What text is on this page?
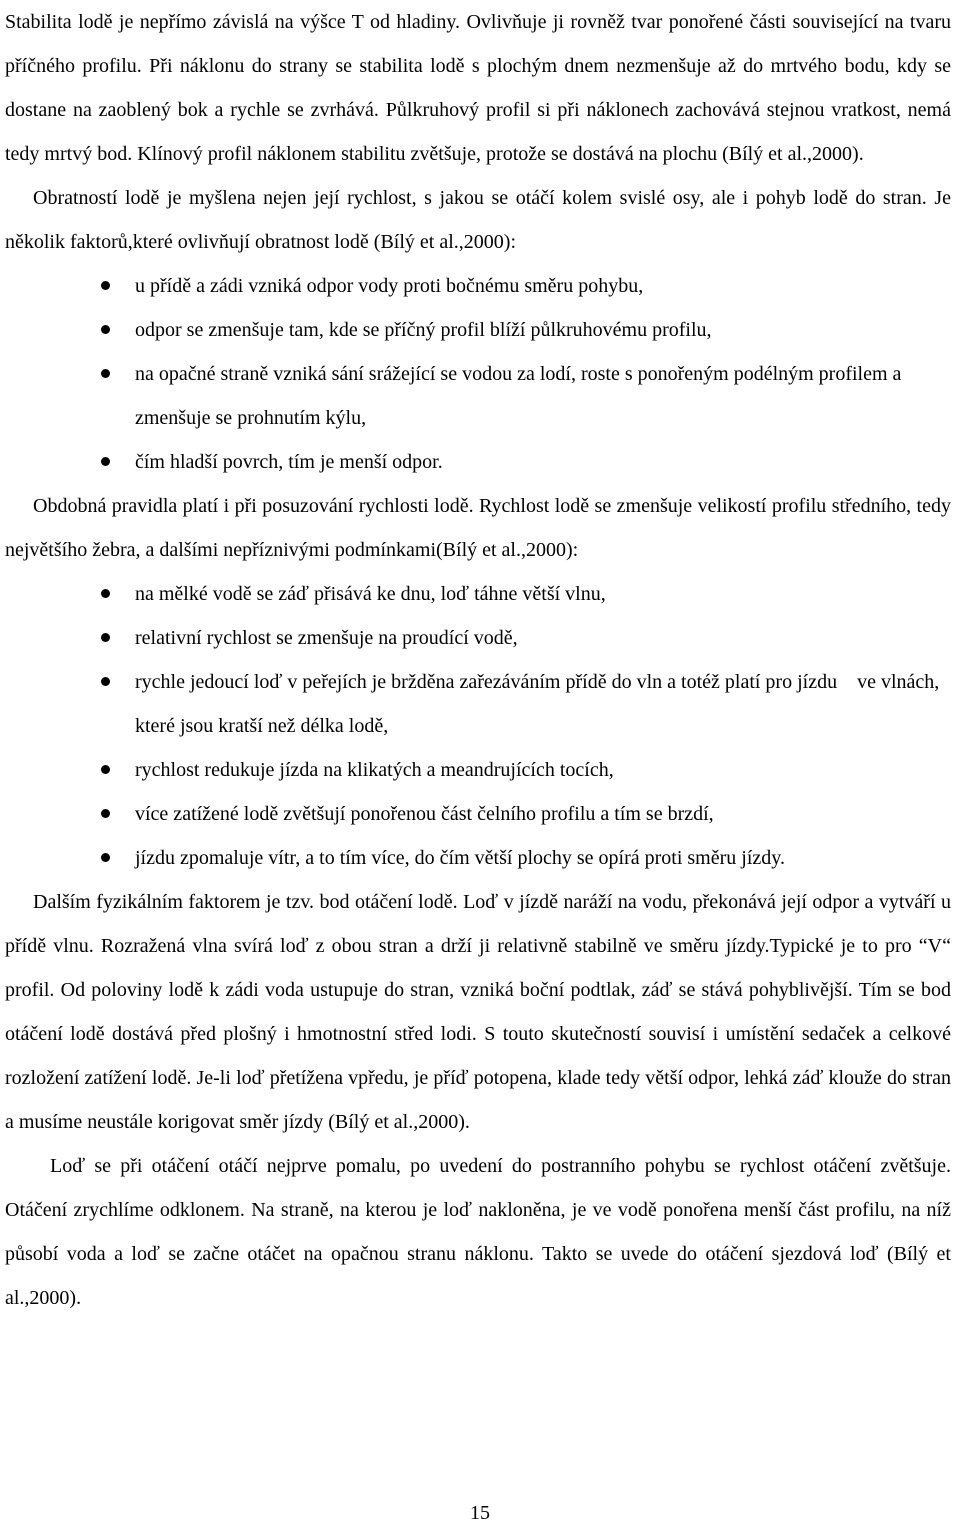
Stabilita lodě je nepřímo závislá na výšce T od hladiny. Ovlivňuje ji rovněž tvar ponořené části související na tvaru příčného profilu. Při náklonu do strany se stabilita lodě s plochým dnem nezmenšuje až do mrtvého bodu, kdy se dostane na zaoblený bok a rychle se zvrhává. Půlkruhový profil si při náklonech zachovává stejnou vratkost, nemá tedy mrtvý bod. Klínový profil náklonem stabilitu zvětšuje, protože se dostává na plochu (Bílý et al.,2000).

Obratností lodě je myšlena nejen její rychlost, s jakou se otáčí kolem svislé osy, ale i pohyb lodě do stran. Je několik faktorů,které ovlivňují obratnost lodě (Bílý et al.,2000):

u přídě a zádi vzniká odpor vody proti bočnému směru pohybu,
odpor se zmenšuje tam, kde se příčný profil blíží půlkruhovému profilu,
na opačné straně vzniká sání srážející se vodou za lodí, roste s ponořeným podélným profilem a zmenšuje se prohnutím kýlu,
čím hladší povrch, tím je menší odpor.

Obdobná pravidla platí i při posuzování rychlosti lodě. Rychlost lodě se zmenšuje velikostí profilu středního, tedy největšího žebra, a dalšími nepříznivými podmínkami(Bílý et al.,2000):

na mělké vodě se záď přisává ke dnu, loď táhne větší vlnu,
relativní rychlost se zmenšuje na proudící vodě,
rychle jedoucí loď v peřejích je bržděna zařezáváním přídě do vln a totéž platí pro jízdu    ve vlnách, které jsou kratší než délka lodě,
rychlost redukuje jízda na klikatých a meandrujících tocích,
více zatížené lodě zvětšují ponořenou část čelního profilu a tím se brzdí,
jízdu zpomaluje vítr, a to tím více, do čím větší plochy se opírá proti směru jízdy.

Dalším fyzikálním faktorem je tzv. bod otáčení lodě. Loď v jízdě naráží na vodu, překonává její odpor a vytváří u přídě vlnu. Rozražená vlna svírá loď z obou stran a drží ji relativně stabilně ve směru jízdy.Typické je to pro “V“ profil. Od poloviny lodě k zádi voda ustupuje do stran, vzniká boční podtlak, záď se stává pohyblivější. Tím se bod otáčení lodě dostává před plošný i hmotnostní střed lodi. S touto skutečností souvisí i umístění sedaček a celkové rozložení zatížení lodě. Je-li loď přetížena vpředu, je příď potopena, klade tedy větší odpor, lehká záď klouže do stran a musíme neustále korigovat směr jízdy (Bílý et al.,2000).

Loď se při otáčení otáčí nejprve pomalu, po uvedení do postranního pohybu se rychlost otáčení zvětšuje. Otáčení zrychlíme odklonem. Na straně, na kterou je loď nakloněna, je ve vodě ponořena menší část profilu, na níž působí voda a loď se začne otáčet na opačnou stranu náklonu. Takto se uvede do otáčení sjezdová loď (Bílý et al.,2000).

15
